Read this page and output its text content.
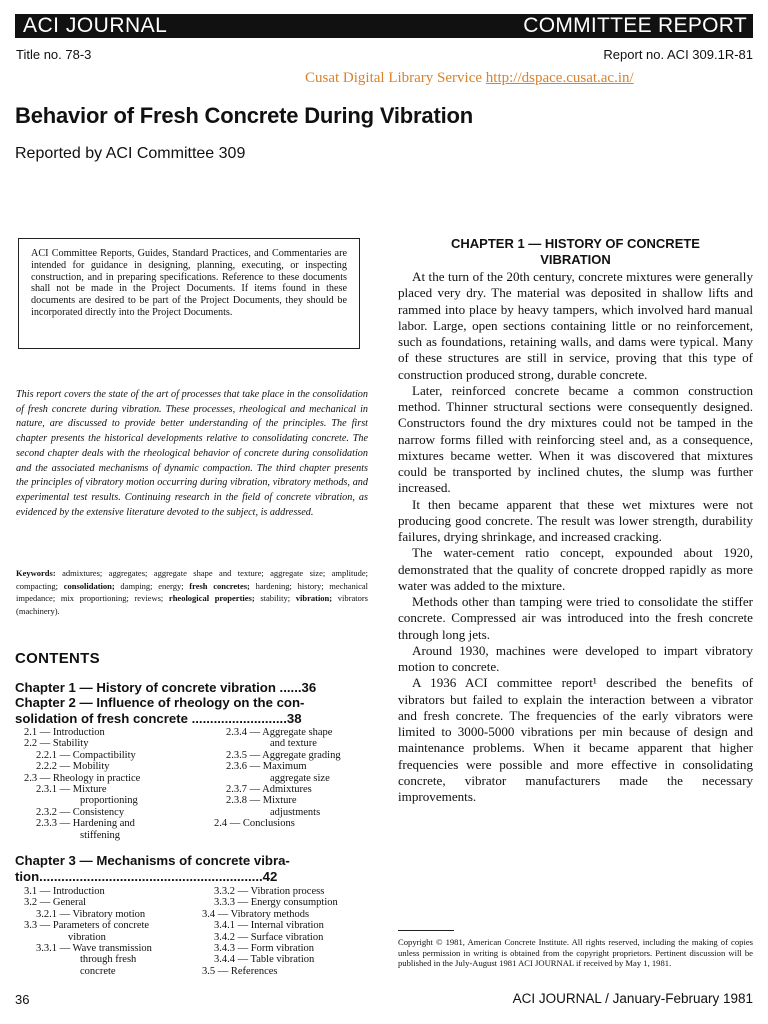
ACI JOURNAL	COMMITTEE REPORT
Title no. 78-3	Report no. ACI 309.1R-81
Cusat Digital Library Service http://dspace.cusat.ac.in/
Behavior of Fresh Concrete During Vibration
Reported by ACI Committee 309
ACI Committee Reports, Guides, Standard Practices, and Commentaries are intended for guidance in designing, planning, executing, or inspecting construction, and in preparing specifications. Reference to these documents shall not be made in the Project Documents. If items found in these documents are desired to be part of the Project Documents, they should be incorporated directly into the Project Documents.
This report covers the state of the art of processes that take place in the consolidation of fresh concrete during vibration. These processes, rheological and mechanical in nature, are discussed to provide better understanding of the principles. The first chapter presents the historical developments relative to consolidating concrete. The second chapter deals with the rheological behavior of concrete during consolidation and the associated mechanisms of dynamic compaction. The third chapter presents the principles of vibratory motion occurring during vibration, vibratory methods, and experimental test results. Continuing research in the field of concrete vibration, as evidenced by the extensive literature devoted to the subject, is addressed.
Keywords: admixtures; aggregates; aggregate shape and texture; aggregate size; amplitude; compacting; consolidation; damping; energy; fresh concretes; hardening; history; mechanical impedance; mix proportioning; reviews; rheological properties; stability; vibration; vibrators (machinery).
CONTENTS
Chapter 1 — History of concrete vibration ......36
Chapter 2 — Influence of rheology on the con-
solidation of fresh concrete ..........................38
2.1 — Introduction
2.2 — Stability
2.2.1 — Compactibility
2.2.2 — Mobility
2.3 — Rheology in practice
2.3.1 — Mixture
proportioning
2.3.2 — Consistency
2.3.3 — Hardening and
stiffening
2.3.4 — Aggregate shape
and texture
2.3.5 — Aggregate grading
2.3.6 — Maximum
aggregate size
2.3.7 — Admixtures
2.3.8 — Mixture
adjustments
2.4 — Conclusions
Chapter 3 — Mechanisms of concrete vibra-
tion.............................................................42
3.1 — Introduction
3.2 — General
3.2.1 — Vibratory motion
3.3 — Parameters of concrete
vibration
3.3.1 — Wave transmission
through fresh
concrete
3.3.2 — Vibration process
3.3.3 — Energy consumption
3.4 — Vibratory methods
3.4.1 — Internal vibration
3.4.2 — Surface vibration
3.4.3 — Form vibration
3.4.4 — Table vibration
3.5 — References
CHAPTER 1 — HISTORY OF CONCRETE
VIBRATION

At the turn of the 20th century, concrete mixtures were generally placed very dry. The material was deposited in shallow lifts and rammed into place by heavy tampers, which involved hard manual labor. Large, open sections containing little or no reinforcement, such as foundations, retaining walls, and dams were typical. Many of these structures are still in service, proving that this type of construction produced strong, durable concrete.

Later, reinforced concrete became a common construction method. Thinner structural sections were consequently designed. Constructors found the dry mixtures could not be tamped in the narrow forms filled with reinforcing steel and, as a consequence, mixtures became wetter. When it was discovered that mixtures could be transported by inclined chutes, the slump was further increased.

It then became apparent that these wet mixtures were not producing good concrete. The result was lower strength, durability failures, drying shrinkage, and increased cracking.

The water-cement ratio concept, expounded about 1920, demonstrated that the quality of concrete dropped rapidly as more water was added to the mixture.

Methods other than tamping were tried to consolidate the stiffer concrete. Compressed air was introduced into the fresh concrete through long jets.

Around 1930, machines were developed to impart vibratory motion to concrete.

A 1936 ACI committee report¹ described the benefits of vibrators but failed to explain the interaction between a vibrator and fresh concrete. The frequencies of the early vibrators were limited to 3000-5000 vibrations per min because of design and maintenance problems. When it became apparent that higher frequencies were possible and more effective in consolidating concrete, vibrator manufacturers made the necessary improvements.

Copyright © 1981, American Concrete Institute. All rights reserved, including the making of copies unless permission in writing is obtained from the copyright proprietors. Pertinent discussion will be published in the July-August 1981 ACI JOURNAL if received by May 1, 1981.
36	ACI JOURNAL / January-February 1981
